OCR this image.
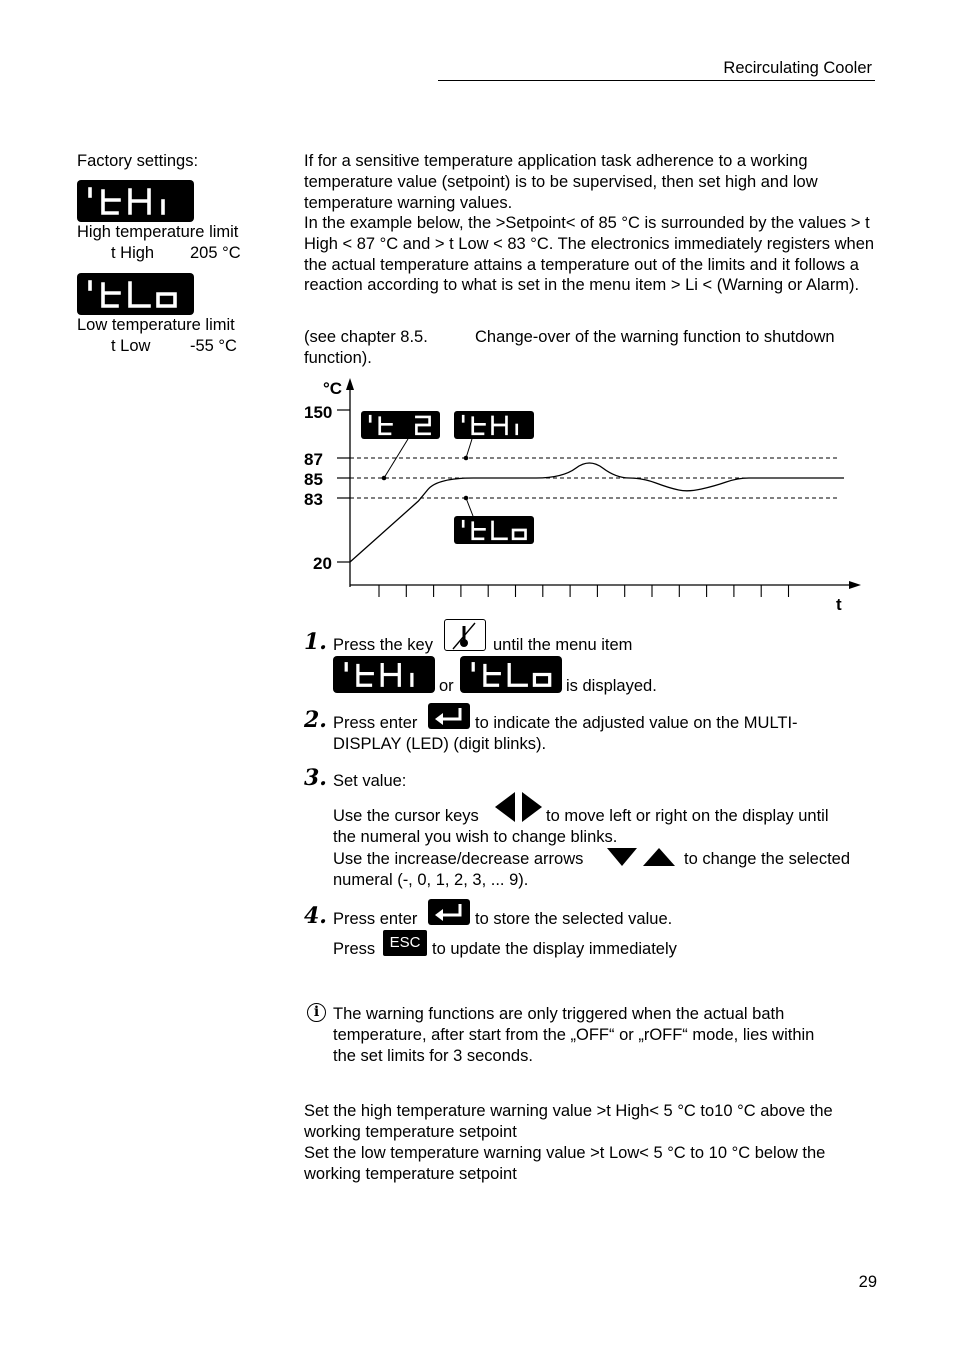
Recirculating Cooler
Factory settings:
High temperature limit
t High 205 °C
Low temperature limit
t Low -55 °C
If for a sensitive temperature application task adherence to a working temperature value (setpoint) is to be supervised, then set high and low temperature warning values.
In the example below, the >Setpoint< of 85 °C is surrounded by the values > t High < 87 °C and > t Low < 83 °C. The electronics immediately registers when the actual temperature attains a temperature out of the limits and it follows a reaction according to what is set in the menu item > Li < (Warning or Alarm).
(see chapter 8.5.	Change-over of the warning function to shutdown
function).
°C
t
150
87
85
83
20
1. Press the key	until the menu item
or	is displayed.
2. Press enter	to indicate the adjusted value on the MULTI-
DISPLAY (LED) (digit blinks).
3. Set value:
Use the cursor keys	to move left or right on the display until
the numeral you wish to change blinks.
Use the increase/decrease arrows	to change the selected
numeral (-, 0, 1, 2, 3, ... 9).
4. Press enter	to store the selected value.
Press ESC to update the display immediately
i The warning functions are only triggered when the actual bath
temperature, after start from the „OFF“ or „rOFF“ mode, lies within
the set limits for 3 seconds.
Set the high temperature warning value >t High< 5 °C to10 °C above the
working temperature setpoint
Set the low temperature warning value >t Low< 5 °C to 10 °C below the
working temperature setpoint
29
